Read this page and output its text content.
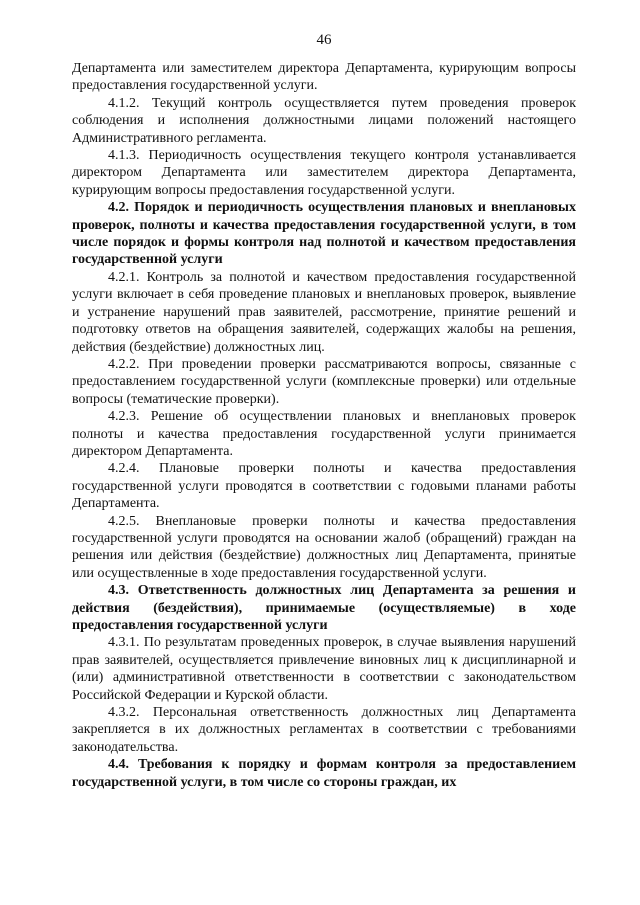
46

Департамента или заместителем директора Департамента, курирующим вопросы предоставления государственной услуги.

4.1.2. Текущий контроль осуществляется путем проведения проверок соблюдения и исполнения должностными лицами положений настоящего Административного регламента.

4.1.3. Периодичность осуществления текущего контроля устанавливается директором Департамента или заместителем директора Департамента, курирующим вопросы предоставления государственной услуги.

4.2. Порядок и периодичность осуществления плановых и внеплановых проверок, полноты и качества предоставления государственной услуги, в том числе порядок и формы контроля над полнотой и качеством предоставления государственной услуги

4.2.1. Контроль за полнотой и качеством предоставления государственной услуги включает в себя проведение плановых и внеплановых проверок, выявление и устранение нарушений прав заявителей, рассмотрение, принятие решений и подготовку ответов на обращения заявителей, содержащих жалобы на решения, действия (бездействие) должностных лиц.

4.2.2. При проведении проверки рассматриваются вопросы, связанные с предоставлением государственной услуги (комплексные проверки) или отдельные вопросы (тематические проверки).

4.2.3. Решение об осуществлении плановых и внеплановых проверок полноты и качества предоставления государственной услуги принимается директором Департамента.

4.2.4. Плановые проверки полноты и качества предоставления государственной услуги проводятся в соответствии с годовыми планами работы Департамента.

4.2.5. Внеплановые проверки полноты и качества предоставления государственной услуги проводятся на основании жалоб (обращений) граждан на решения или действия (бездействие) должностных лиц Департамента, принятые или осуществленные в ходе предоставления государственной услуги.

4.3. Ответственность должностных лиц Департамента за решения и действия (бездействия), принимаемые (осуществляемые) в ходе предоставления государственной услуги

4.3.1. По результатам проведенных проверок, в случае выявления нарушений прав заявителей, осуществляется привлечение виновных лиц к дисциплинарной и (или) административной ответственности в соответствии с законодательством Российской Федерации и Курской области.

4.3.2. Персональная ответственность должностных лиц Департамента закрепляется в их должностных регламентах в соответствии с требованиями законодательства.

4.4. Требования к порядку и формам контроля за предоставлением государственной услуги, в том числе со стороны граждан, их
